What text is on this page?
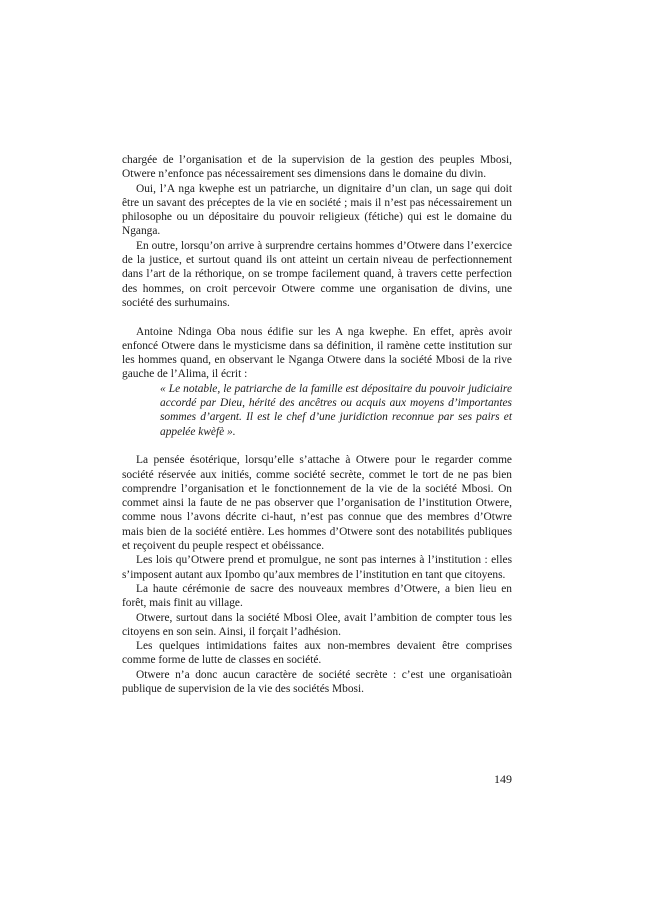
chargée de l’organisation et de la supervision de la gestion des peuples Mbosi, Otwere n’enfonce pas nécessairement ses dimensions dans le domaine du divin.

Oui, l’A nga kwephe est un patriarche, un dignitaire d’un clan, un sage qui doit être un savant des préceptes de la vie en société ; mais il n’est pas nécessairement un philosophe ou un dépositaire du pouvoir religieux (fétiche) qui est le domaine du Nganga.

En outre, lorsqu’on arrive à surprendre certains hommes d’Otwere dans l’exercice de la justice, et surtout quand ils ont atteint un certain niveau de perfectionnement dans l’art de la réthorique, on se trompe facilement quand, à travers cette perfection des hommes, on croit percevoir Otwere comme une organisation de divins, une société des surhumains.

Antoine Ndinga Oba nous édifie sur les A nga kwephe. En effet, après avoir enfoncé Otwere dans le mysticisme dans sa définition, il ramène cette institution sur les hommes quand, en observant le Nganga Otwere dans la société Mbosi de la rive gauche de l’Alima, il écrit :

« Le notable, le patriarche de la famille est dépositaire du pouvoir judiciaire accordé par Dieu, hérité des ancêtres ou acquis aux moyens d’importantes sommes d’argent. Il est le chef d’une juridiction reconnue par ses pairs et appelée kwèfè ».

La pensée ésotérique, lorsqu’elle s’attache à Otwere pour le regarder comme société réservée aux initiés, comme société secrète, commet le tort de ne pas bien comprendre l’organisation et le fonctionnement de la vie de la société Mbosi. On commet ainsi la faute de ne pas observer que l’organisation de l’institution Otwere, comme nous l’avons décrite ci-haut, n’est pas connue que des membres d’Otwre mais bien de la société entière. Les hommes d’Otwere sont des notabilités publiques et reçoivent du peuple respect et obéissance.

Les lois qu’Otwere prend et promulgue, ne sont pas internes à l’institution : elles s’imposent autant aux Ipombo qu’aux membres de l’institution en tant que citoyens.

La haute cérémonie de sacre des nouveaux membres d’Otwere, a bien lieu en forêt, mais finit au village.

Otwere, surtout dans la société Mbosi Olee, avait l’ambition de compter tous les citoyens en son sein. Ainsi, il forçait l’adhésion.

Les quelques intimidations faites aux non-membres devaient être comprises comme forme de lutte de classes en société.

Otwere n’a donc aucun caractère de société secrète : c’est une organisatioàn publique de supervision de la vie des sociétés Mbosi.

149
